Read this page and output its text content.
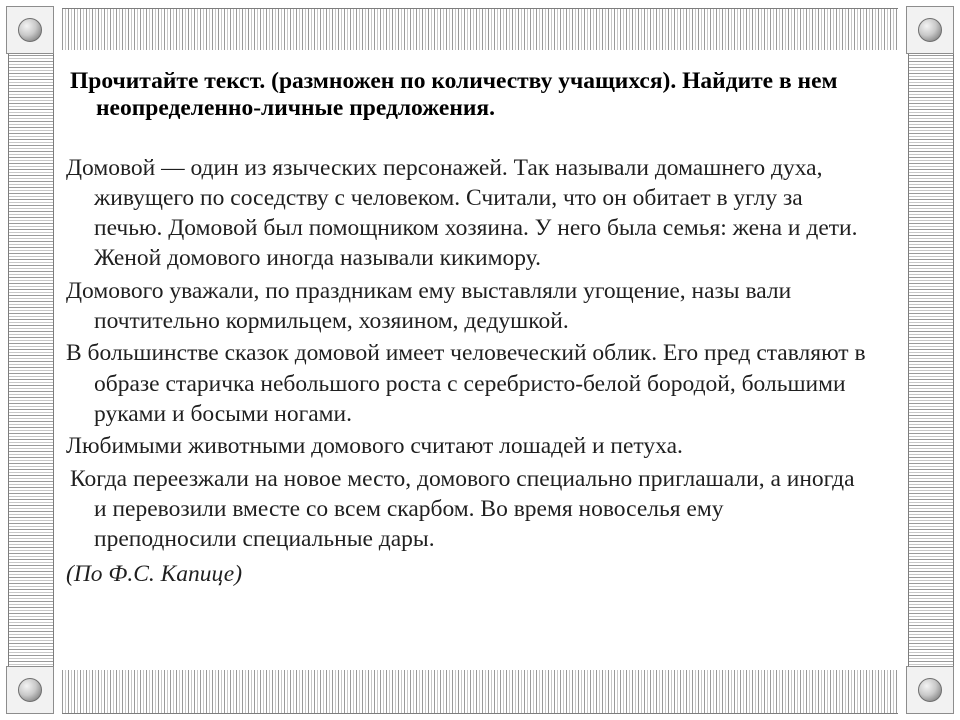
Прочитайте текст. (размножен по количеству учащихся). Найдите в нем неопределенно-личные предложения.

Домовой — один из языческих персонажей. Так называли домашнего духа, живущего по соседству с человеком. Считали, что он обитает в углу за печью. Домовой был помощником хозяина. У него была семья: жена и дети. Женой домового иногда называли кикимору.

Домового уважали, по праздникам ему выставляли угощение, назы вали почтительно кормильцем, хозяином, дедушкой.

В большинстве сказок домовой имеет человеческий облик. Его пред ставляют в образе старичка небольшого роста с серебристо-белой бородой, большими руками и босыми ногами.

Любимыми животными домового считают лошадей и петуха.

Когда переезжали на новое место, домового специально приглашали, а иногда и перевозили вместе со всем скарбом. Во время новоселья ему преподносили специальные дары.

(По Ф.С. Капице)
